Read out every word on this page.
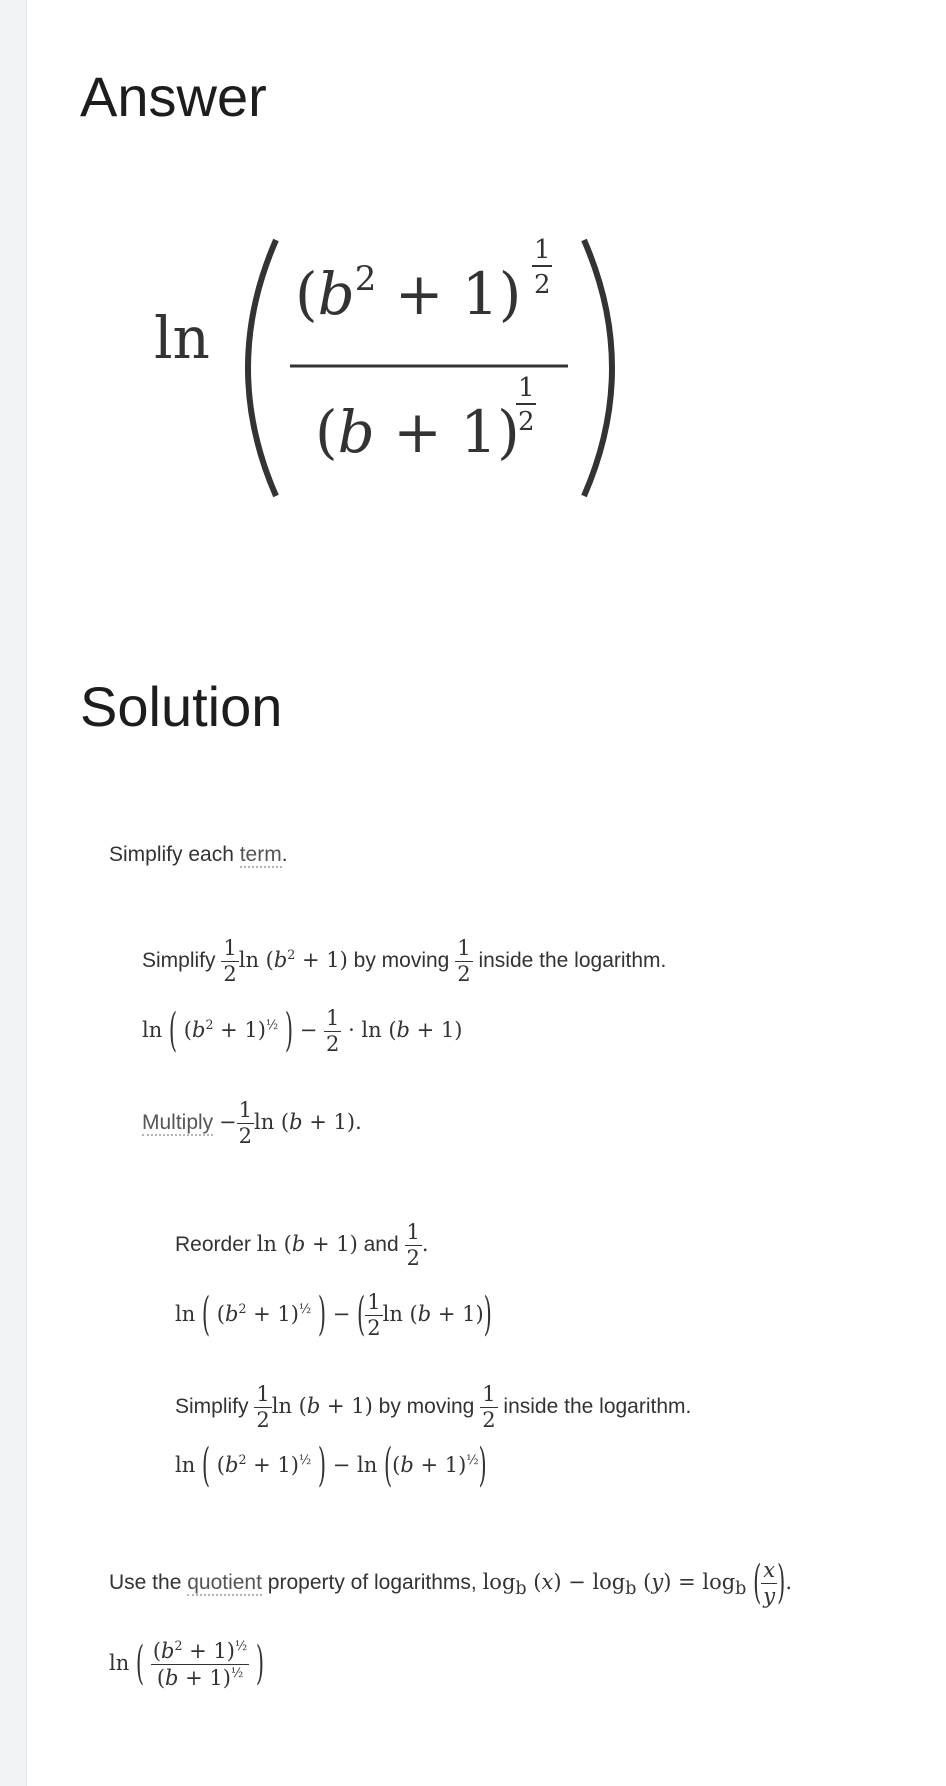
Answer
ln
$(b^2 + 1)$
1
2
(b + 1)
1
2
Solution
Simplify each term.
Simplify $\frac{1}{2}$ $\ln (b^2 + 1)$ by moving $\frac{1}{2}$ inside the logarithm.
ln ( $(b^2 + 1)^{\frac{1}{2}}$ ) − $\frac{1}{2} \cdot \ln (b + 1)$
Multiply − $\frac{1}{2}$ ln (b + 1).
Reorder ln (b + 1) and $\frac{1}{2}$ .
ln ( $(b^2 + 1)^{\frac{1}{2}}$ ) − ( $\frac{1}{2}$ ln (b + 1))
Simplify $\frac{1}{2}$ ln (b + 1) by moving $\frac{1}{2}$ inside the logarithm.
ln ( $(b^2 + 1)^{\frac{1}{2}}$ ) − $\ln ((b + 1)^{\frac{1}{2}})$
Use the quotient property of logarithms, $\log_b (x) - \log_b (y) = \log_b$ ( $\frac{x}{y}$ ).
ln ( $\frac{(b^2 + 1)^{\frac{1}{2}}}{(b + 1)^{\frac{1}{2}}}$ )
